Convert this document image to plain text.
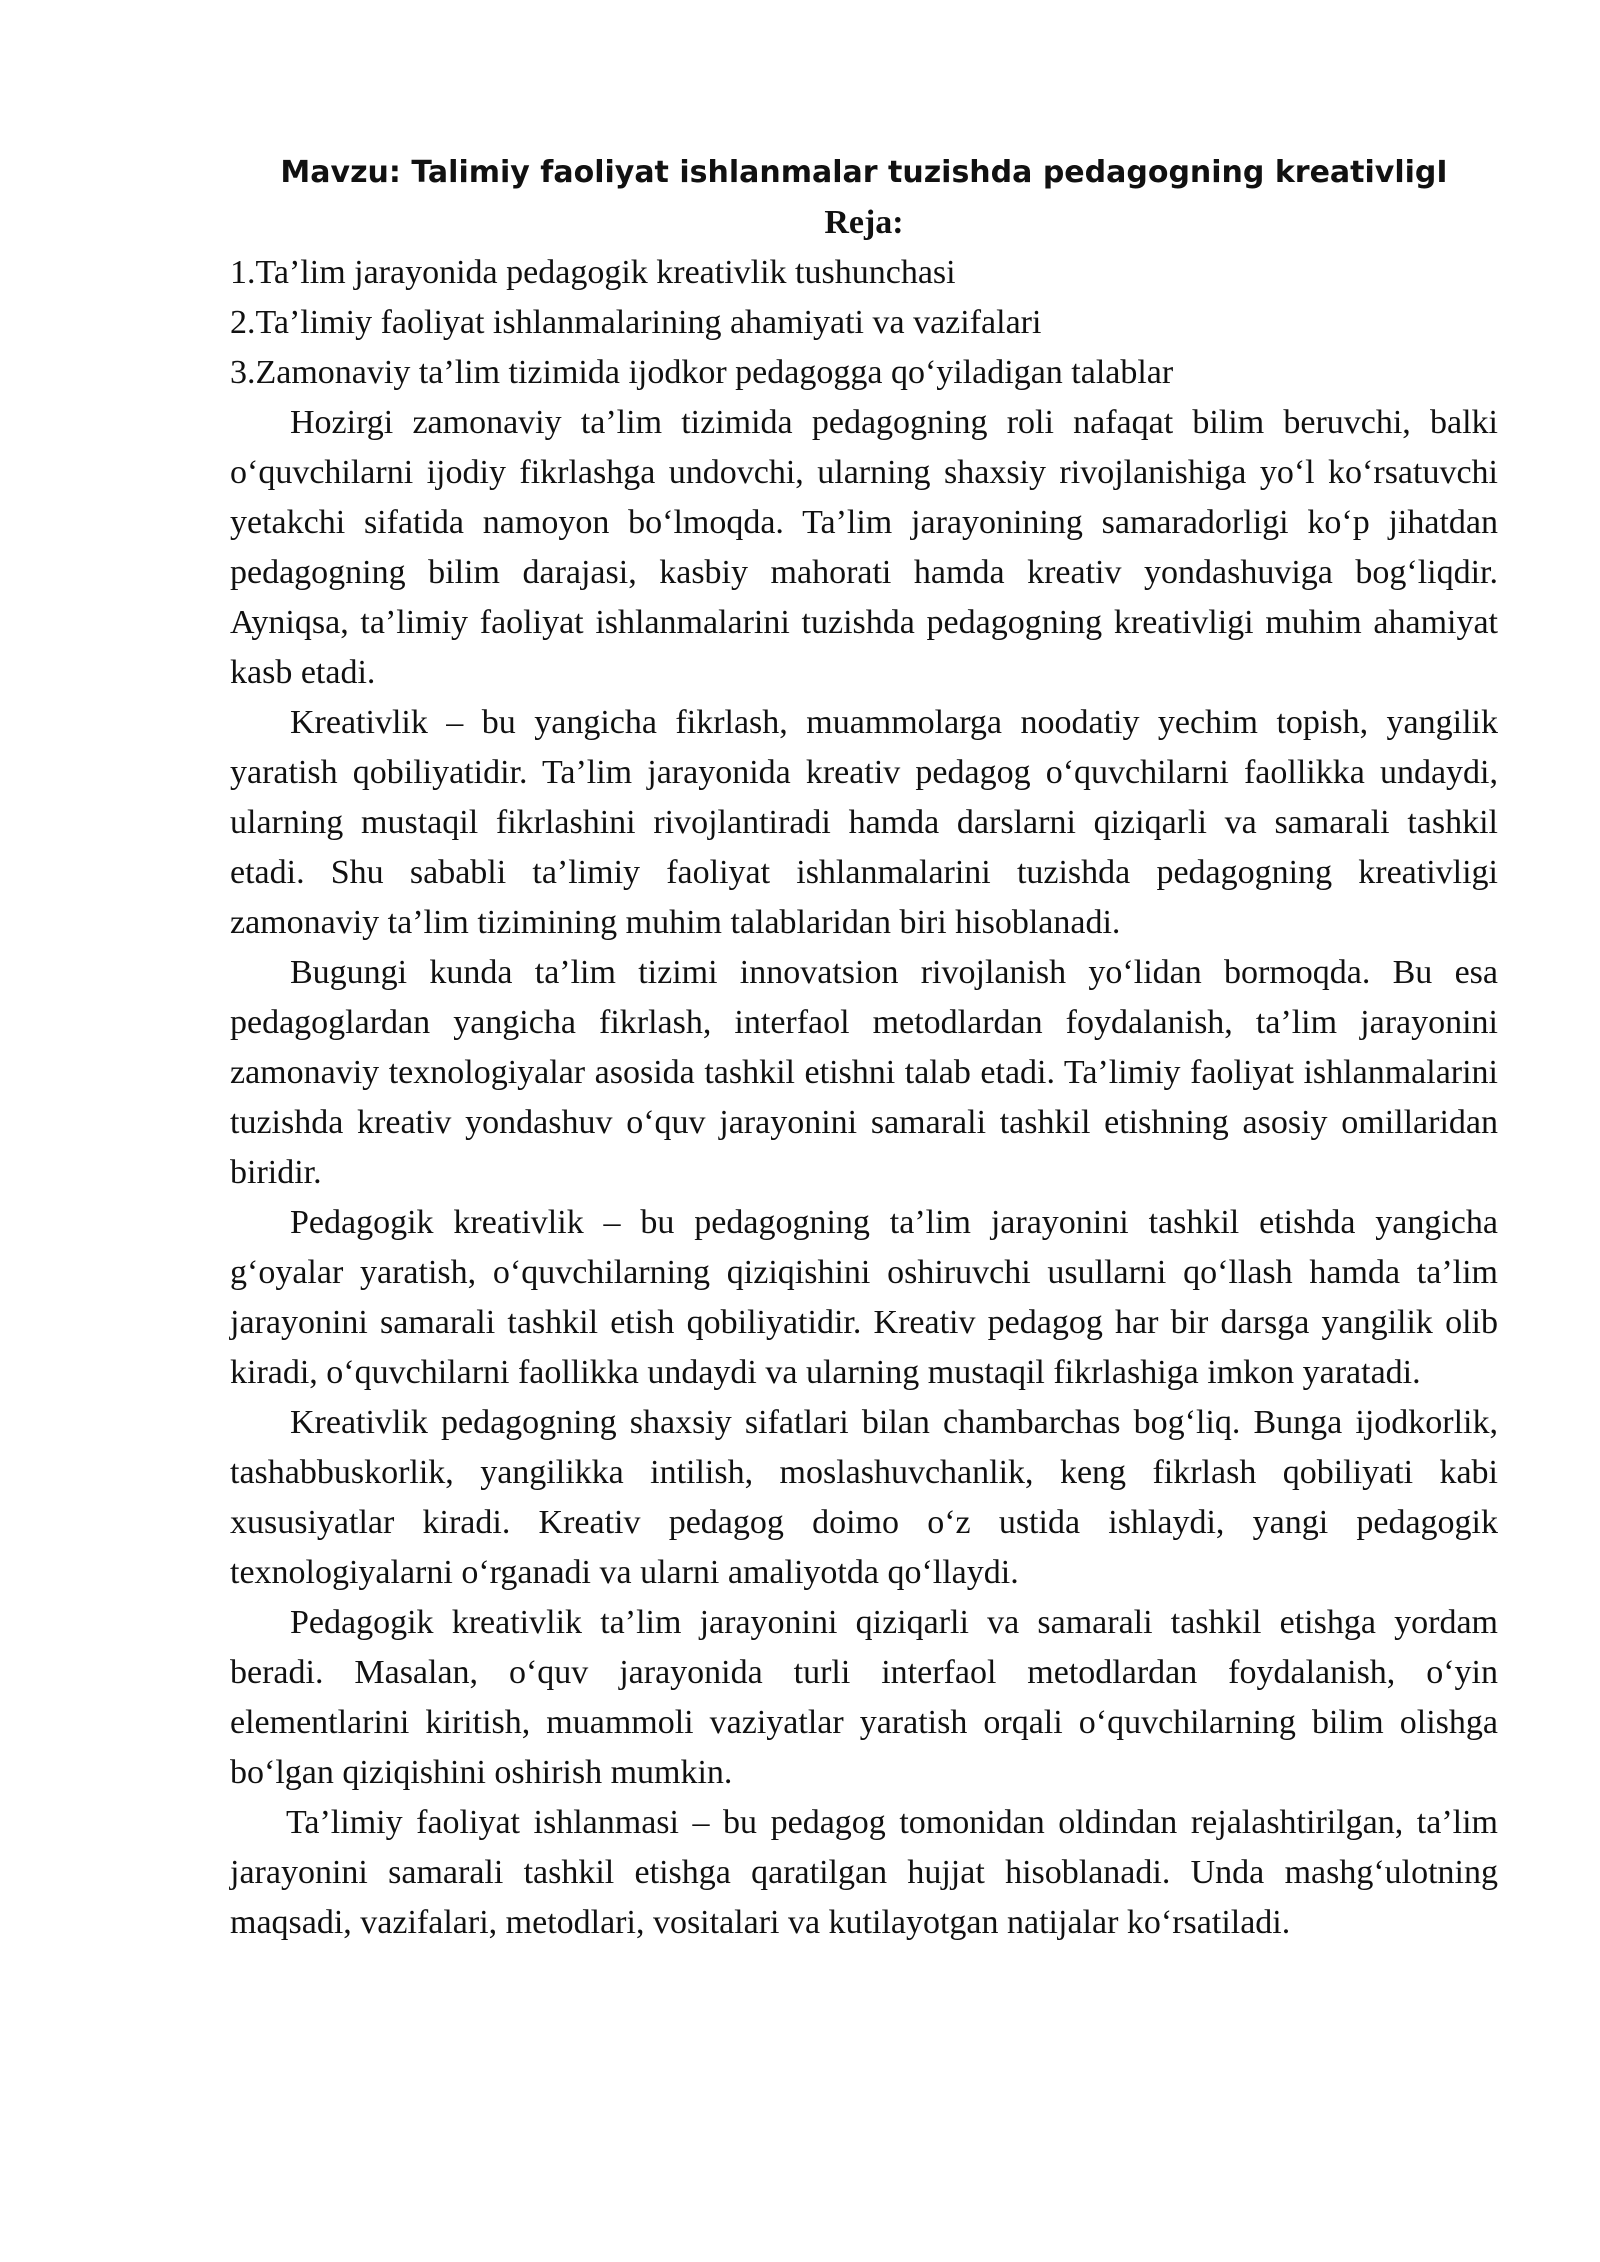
Mavzu: Talimiy faoliyat ishlanmalar tuzishda pedagogning kreativligI
Reja:
1.Ta’lim jarayonida pedagogik kreativlik tushunchasi
2.Ta’limiy faoliyat ishlanmalarining ahamiyati va vazifalari
3.Zamonaviy ta’lim tizimida ijodkor pedagogga qo‘yiladigan talablar

Hozirgi zamonaviy ta’lim tizimida pedagogning roli nafaqat bilim beruvchi, balki o‘quvchilarni ijodiy fikrlashga undovchi, ularning shaxsiy rivojlanishiga yo‘l ko‘rsatuvchi yetakchi sifatida namoyon bo‘lmoqda. Ta’lim jarayonining samaradorligi ko‘p jihatdan pedagogning bilim darajasi, kasbiy mahorati hamda kreativ yondashuviga bog‘liqdir. Ayniqsa, ta’limiy faoliyat ishlanmalarini tuzishda pedagogning kreativligi muhim ahamiyat kasb etadi.

Kreativlik – bu yangicha fikrlash, muammolarga noodatiy yechim topish, yangilik yaratish qobiliyatidir. Ta’lim jarayonida kreativ pedagog o‘quvchilarni faollikka undaydi, ularning mustaqil fikrlashini rivojlantiradi hamda darslarni qiziqarli va samarali tashkil etadi. Shu sababli ta’limiy faoliyat ishlanmalarini tuzishda pedagogning kreativligi zamonaviy ta’lim tizimining muhim talablaridan biri hisoblanadi.

Bugungi kunda ta’lim tizimi innovatsion rivojlanish yo‘lidan bormoqda. Bu esa pedagoglardan yangicha fikrlash, interfaol metodlardan foydalanish, ta’lim jarayonini zamonaviy texnologiyalar asosida tashkil etishni talab etadi. Ta’limiy faoliyat ishlanmalarini tuzishda kreativ yondashuv o‘quv jarayonini samarali tashkil etishning asosiy omillaridan biridir.

Pedagogik kreativlik – bu pedagogning ta’lim jarayonini tashkil etishda yangicha g‘oyalar yaratish, o‘quvchilarning qiziqishini oshiruvchi usullarni qo‘llash hamda ta’lim jarayonini samarali tashkil etish qobiliyatidir. Kreativ pedagog har bir darsga yangilik olib kiradi, o‘quvchilarni faollikka undaydi va ularning mustaqil fikrlashiga imkon yaratadi.

Kreativlik pedagogning shaxsiy sifatlari bilan chambarchas bog‘liq. Bunga ijodkorlik, tashabbuskorlik, yangilikka intilish, moslashuvchanlik, keng fikrlash qobiliyati kabi xususiyatlar kiradi. Kreativ pedagog doimo o‘z ustida ishlaydi, yangi pedagogik texnologiyalarni o‘rganadi va ularni amaliyotda qo‘llaydi.

Pedagogik kreativlik ta’lim jarayonini qiziqarli va samarali tashkil etishga yordam beradi. Masalan, o‘quv jarayonida turli interfaol metodlardan foydalanish, o‘yin elementlarini kiritish, muammoli vaziyatlar yaratish orqali o‘quvchilarning bilim olishga bo‘lgan qiziqishini oshirish mumkin.

Ta’limiy faoliyat ishlanmasi – bu pedagog tomonidan oldindan rejalashtirilgan, ta’lim jarayonini samarali tashkil etishga qaratilgan hujjat hisoblanadi. Unda mashg‘ulotning maqsadi, vazifalari, metodlari, vositalari va kutilayotgan natijalar ko‘rsatiladi.
